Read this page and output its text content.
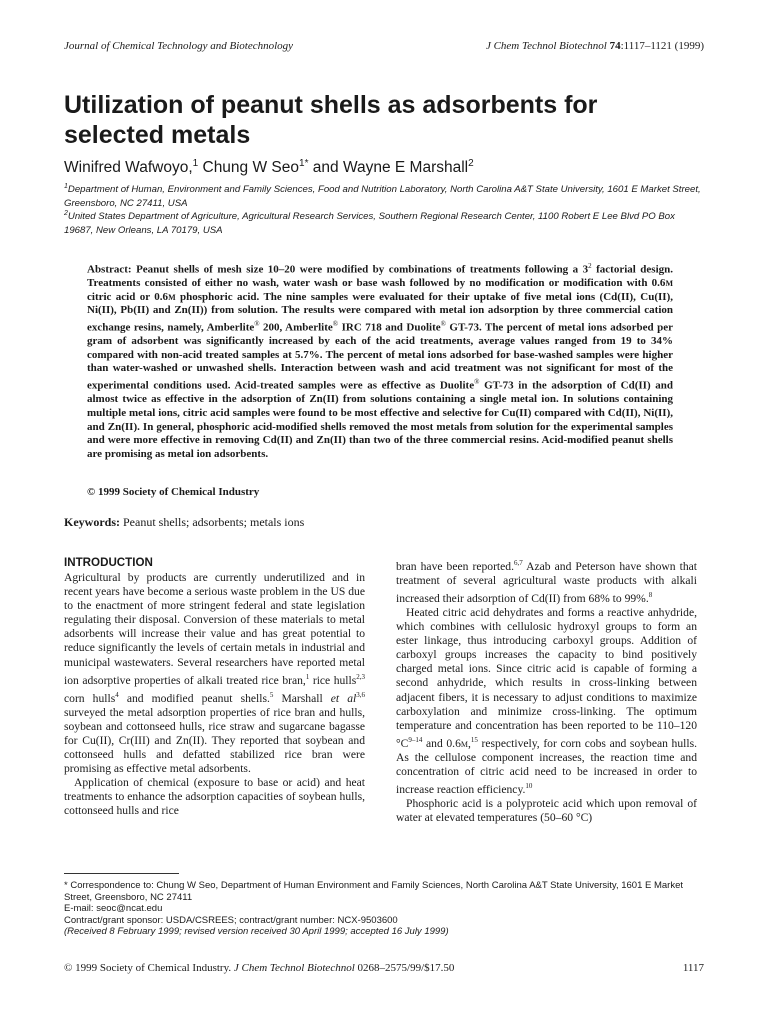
Journal of Chemical Technology and Biotechnology	J Chem Technol Biotechnol 74:1117–1121 (1999)
Utilization of peanut shells as adsorbents for selected metals
Winifred Wafwoyo,$^1$ Chung W Seo$^{1*}$ and Wayne E Marshall$^2$
$^1$Department of Human, Environment and Family Sciences, Food and Nutrition Laboratory, North Carolina A&T State University, 1601 E Market Street, Greensboro, NC 27411, USA
$^2$United States Department of Agriculture, Agricultural Research Services, Southern Regional Research Center, 1100 Robert E Lee Blvd PO Box 19687, New Orleans, LA 70179, USA
Abstract: Peanut shells of mesh size 10–20 were modified by combinations of treatments following a $3^2$ factorial design. Treatments consisted of either no wash, water wash or base wash followed by no modification or modification with 0.6m citric acid or 0.6m phosphoric acid. The nine samples were evaluated for their uptake of five metal ions (Cd(II), Cu(II), Ni(II), Pb(II) and Zn(II)) from solution. The results were compared with metal ion adsorption by three commercial cation exchange resins, namely, Amberlite® 200, Amberlite® IRC 718 and Duolite® GT-73. The percent of metal ions adsorbed per gram of adsorbent was significantly increased by each of the acid treatments, average values ranged from 19 to 34% compared with non-acid treated samples at 5.7%. The percent of metal ions adsorbed for base-washed samples were higher than water-washed or unwashed shells. Interaction between wash and acid treatment was not significant for most of the experimental conditions used. Acid-treated samples were as effective as Duolite® GT-73 in the adsorption of Cd(II) and almost twice as effective in the adsorption of Zn(II) from solutions containing a single metal ion. In solutions containing multiple metal ions, citric acid samples were found to be most effective and selective for Cu(II) compared with Cd(II), Ni(II), and Zn(II). In general, phosphoric acid-modified shells removed the most metals from solution for the experimental samples and were more effective in removing Cd(II) and Zn(II) than two of the three commercial resins. Acid-modified peanut shells are promising as metal ion adsorbents.
© 1999 Society of Chemical Industry
Keywords: Peanut shells; adsorbents; metals ions
INTRODUCTION

Agricultural by products are currently underutilized and in recent years have become a serious waste problem in the US due to the enactment of more stringent federal and state legislation regulating their disposal. Conversion of these materials to metal adsorbents will increase their value and has great potential to reduce significantly the levels of certain metals in industrial and municipal wastewaters. Several researchers have reported metal ion adsorptive properties of alkali treated rice bran,$^1$ rice hulls$^{2,3}$ corn hulls$^4$ and modified peanut shells.$^5$ Marshall et al$^{3,6}$ surveyed the metal adsorption properties of rice bran and hulls, soybean and cottonseed hulls, rice straw and sugarcane bagasse for Cu(II), Cr(III) and Zn(II). They reported that soybean and cottonseed hulls and defatted stabilized rice bran were promising as effective metal adsorbents.

Application of chemical (exposure to base or acid) and heat treatments to enhance the adsorption capacities of soybean hulls, cottonseed hulls and rice

bran have been reported.$^{6,7}$ Azab and Peterson have shown that treatment of several agricultural waste products with alkali increased their adsorption of Cd(II) from 68% to 99%.$^8$

Heated citric acid dehydrates and forms a reactive anhydride, which combines with cellulosic hydroxyl groups to form an ester linkage, thus introducing carboxyl groups. Addition of carboxyl groups increases the capacity to bind positively charged metal ions. Since citric acid is capable of forming a second anhydride, which results in cross-linking between adjacent fibers, it is necessary to adjust conditions to maximize carboxylation and minimize cross-linking. The optimum temperature and concentration has been reported to be 110–120 $^\circ C^{9-14}$ and 0.6m,$^{15}$ respectively, for corn cobs and soybean hulls. As the cellulose component increases, the reaction time and concentration of citric acid need to be increased in order to increase reaction efficiency.$^{10}$

Phosphoric acid is a polyproteic acid which upon removal of water at elevated temperatures (50–60 °C)

* Correspondence to: Chung W Seo, Department of Human Environment and Family Sciences, North Carolina A&T State University, 1601 E Market Street, Greensboro, NC 27411
E-mail: seoc@ncat.edu
Contract/grant sponsor: USDA/CSREES; contract/grant number: NCX-9503600
(Received 8 February 1999; revised version received 30 April 1999; accepted 16 July 1999)
© 1999 Society of Chemical Industry. J Chem Technol Biotechnol 0268–2575/99/$17.50	1117
